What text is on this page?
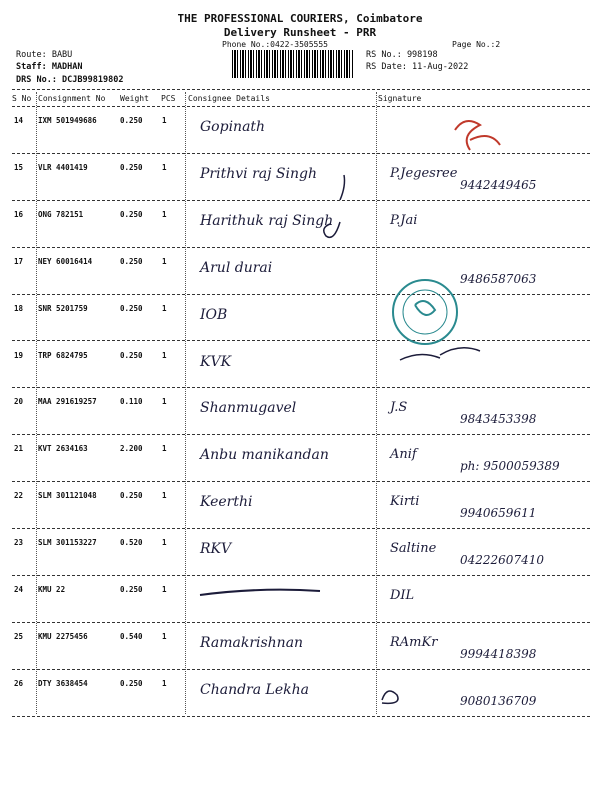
THE PROFESSIONAL COURIERS, Coimbatore
Delivery Runsheet - PRR
Phone No.:0422-3505555	Page No.:2
Route: BABU
Staff: MADHAN
DRS No.: DCJB99819802
RS No.: 998198
RS Date: 11-Aug-2022
S No Consignment No Weight PCS Consignee Details	Signature
14 IXM 501949686	0.250	1 Gopinath
15 VLR 4401419	0.250	1 Prithvi raj Singh	P.Jegesree
9442449465
16 ONG 782151	0.250	1 Harithuk raj Singh	P.Jai
17 NEY 60016414	0.250	1 Arul durai
9486587063
18 SNR 5201759	0.250	1 IOB
19 TRP 6824795	0.250	1 KVK
20 MAA 291619257	0.110	1 Shanmugavel	J.S
9843453398
21 KVT 2634163	2.200	1 Anbu manikandan	Anif
ph: 9500059389
22 SLM 301121048	0.250	1 Keerthi	Kirti
9940659611
23 SLM 301153227	0.520	1 RKV	Saltine
04222607410
24 KMU 22	0.250	1	DIL
25 KMU 2275456	0.540	1 Ramakrishnan	RAmKr
9994418398
26 DTY 3638454	0.250	1 Chandra Lekha
9080136709
